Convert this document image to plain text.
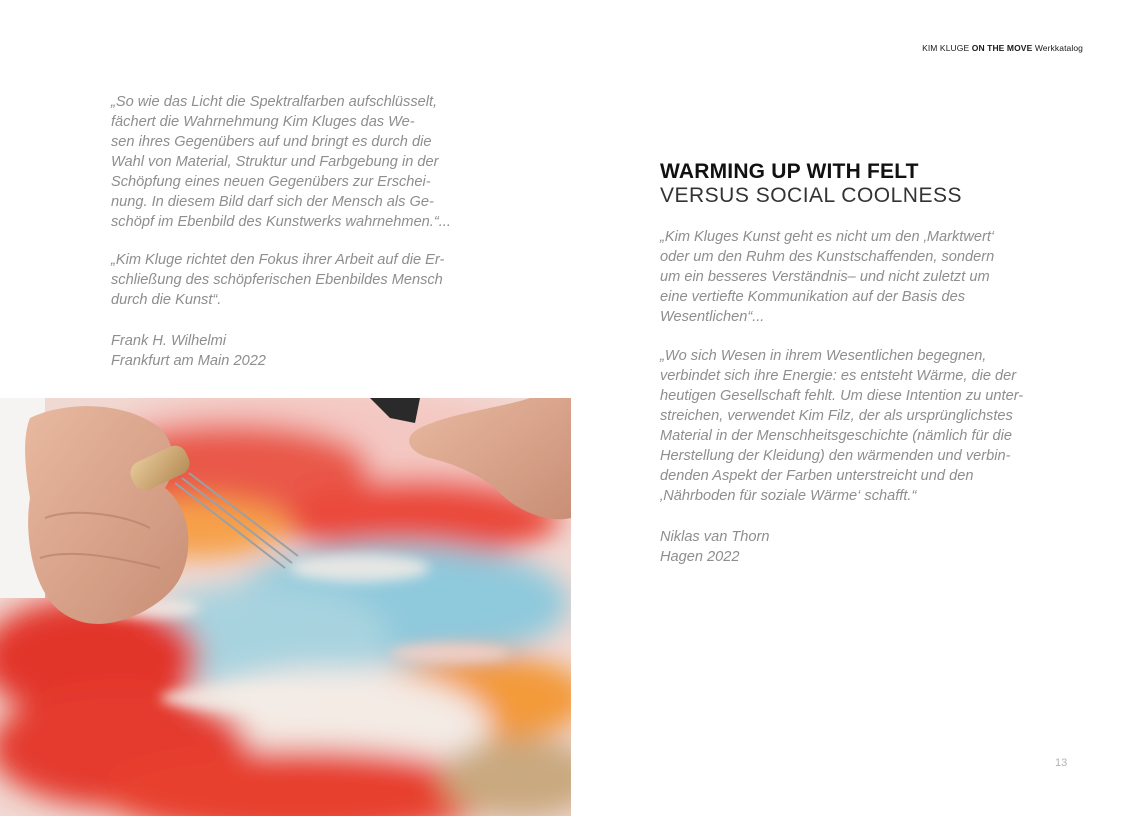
KIM KLUGE ON THE MOVE Werkkatalog
„So wie das Licht die Spektralfarben aufschlüsselt,
fächert die Wahrnehmung Kim Kluges das We-
sen ihres Gegenübers auf und bringt es durch die
Wahl von Material, Struktur und Farbgebung in der
Schöpfung eines neuen Gegenübers zur Erschei-
nung. In diesem Bild darf sich der Mensch als Ge-
schöpf im Ebenbild des Kunstwerks wahrnehmen.“...
„Kim Kluge richtet den Fokus ihrer Arbeit auf die Er-
schließung des schöpferischen Ebenbildes Mensch
durch die Kunst“.
Frank H. Wilhelmi
Frankfurt am Main 2022
WARMING UP WITH FELT
VERSUS SOCIAL COOLNESS
„Kim Kluges Kunst geht es nicht um den ‚Marktwert‘
oder um den Ruhm des Kunstschaffenden, sondern
um ein besseres Verständnis– und nicht zuletzt um
eine vertiefte Kommunikation auf der Basis des
Wesentlichen“...
„Wo sich Wesen in ihrem Wesentlichen begegnen,
verbindet sich ihre Energie: es entsteht Wärme, die der
heutigen Gesellschaft fehlt. Um diese Intention zu unter-
streichen, verwendet Kim Filz, der als ursprünglichstes
Material in der Menschheitsgeschichte (nämlich für die
Herstellung der Kleidung) den wärmenden und verbin-
denden Aspekt der Farben unterstreicht und den
‚Nährboden für soziale Wärme‘ schafft.“
Niklas van Thorn
Hagen 2022
13
